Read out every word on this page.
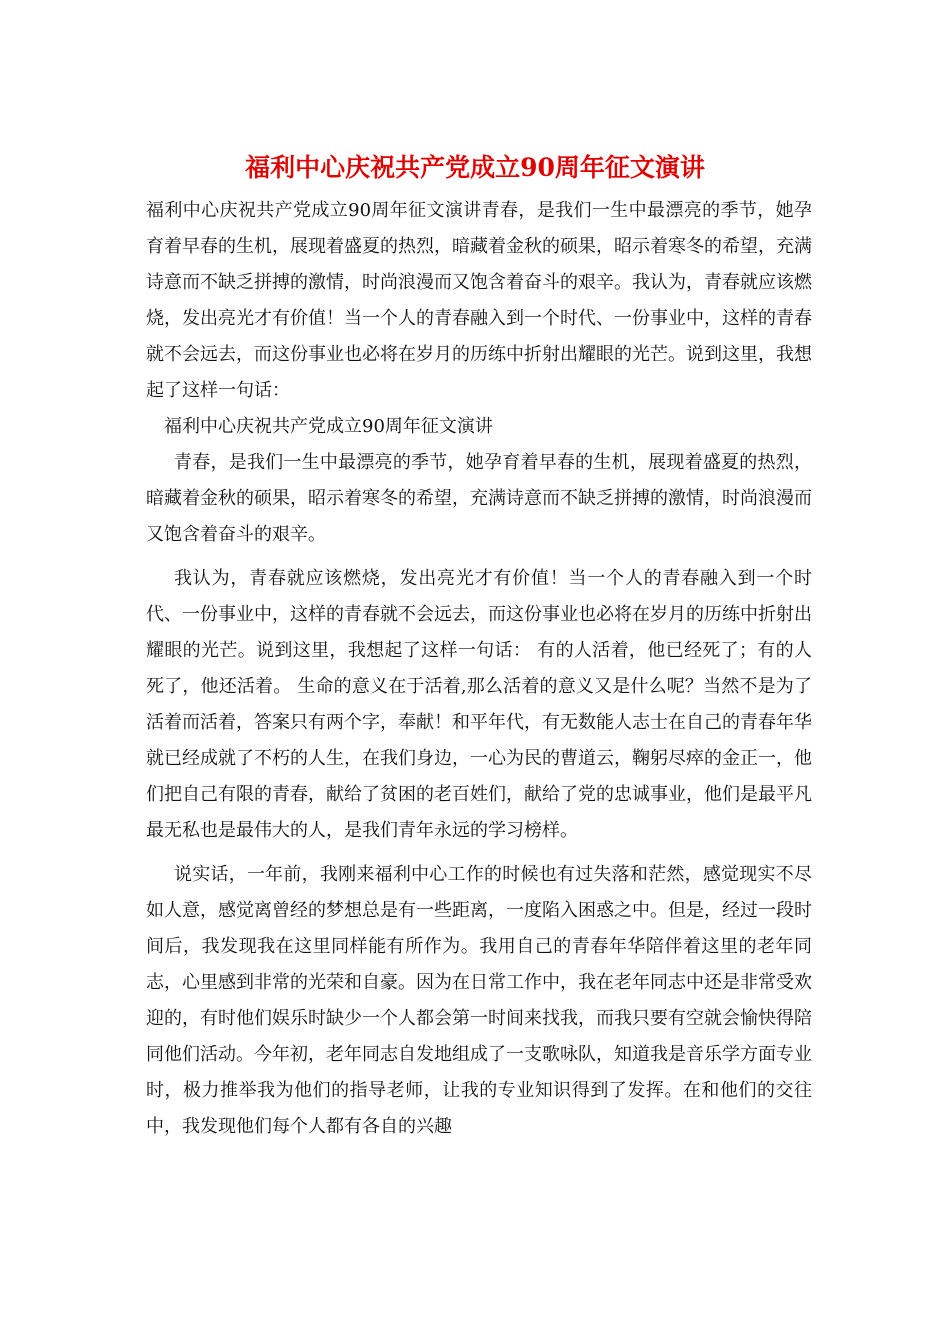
福利中心庆祝共产党成立90周年征文演讲

福利中心庆祝共产党成立90周年征文演讲青春，是我们一生中最漂亮的季节，她孕育着早春的生机，展现着盛夏的热烈，暗藏着金秋的硕果，昭示着寒冬的希望，充满诗意而不缺乏拼搏的激情，时尚浪漫而又饱含着奋斗的艰辛。我认为，青春就应该燃烧，发出亮光才有价值！当一个人的青春融入到一个时代、一份事业中，这样的青春就不会远去，而这份事业也必将在岁月的历练中折射出耀眼的光芒。说到这里，我想起了这样一句话：

福利中心庆祝共产党成立90周年征文演讲

青春，是我们一生中最漂亮的季节，她孕育着早春的生机，展现着盛夏的热烈，暗藏着金秋的硕果，昭示着寒冬的希望，充满诗意而不缺乏拼搏的激情，时尚浪漫而又饱含着奋斗的艰辛。

我认为，青春就应该燃烧，发出亮光才有价值！当一个人的青春融入到一个时代、一份事业中，这样的青春就不会远去，而这份事业也必将在岁月的历练中折射出耀眼的光芒。说到这里，我想起了这样一句话： 有的人活着，他已经死了；有的人死了，他还活着。 生命的意义在于活着,那么活着的意义又是什么呢？当然不是为了活着而活着，答案只有两个字，奉献！和平年代，有无数能人志士在自己的青春年华就已经成就了不朽的人生，在我们身边，一心为民的曹道云，鞠躬尽瘁的金正一，他们把自己有限的青春，献给了贫困的老百姓们，献给了党的忠诚事业，他们是最平凡最无私也是最伟大的人，是我们青年永远的学习榜样。

说实话，一年前，我刚来福利中心工作的时候也有过失落和茫然，感觉现实不尽如人意，感觉离曾经的梦想总是有一些距离，一度陷入困惑之中。但是，经过一段时间后，我发现我在这里同样能有所作为。我用自己的青春年华陪伴着这里的老年同志，心里感到非常的光荣和自豪。因为在日常工作中，我在老年同志中还是非常受欢迎的，有时他们娱乐时缺少一个人都会第一时间来找我，而我只要有空就会愉快得陪同他们活动。今年初，老年同志自发地组成了一支歌咏队，知道我是音乐学方面专业时，极力推举我为他们的指导老师，让我的专业知识得到了发挥。在和他们的交往中，我发现他们每个人都有各自的兴趣
